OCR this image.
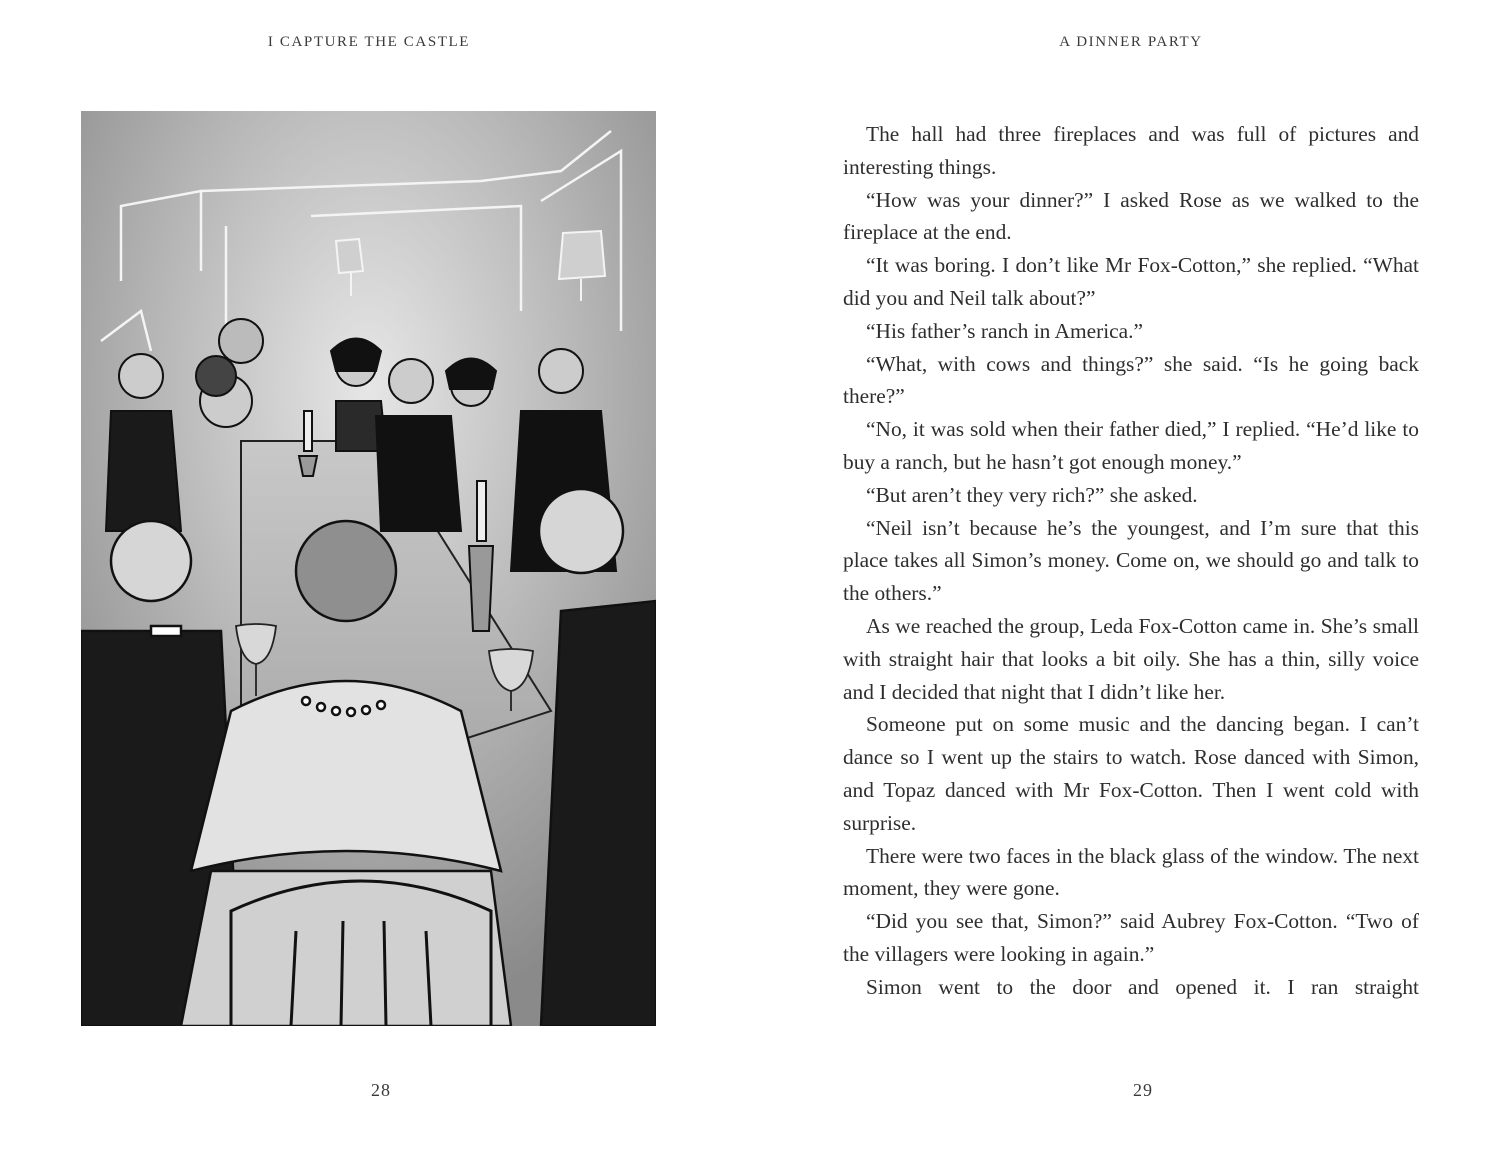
I CAPTURE THE CASTLE
28
A DINNER PARTY

The hall had three fireplaces and was full of pictures and interesting things.

“How was your dinner?” I asked Rose as we walked to the fireplace at the end.

“It was boring. I don’t like Mr Fox-Cotton,” she replied. “What did you and Neil talk about?”

“His father’s ranch in America.”

“What, with cows and things?” she said. “Is he going back there?”

“No, it was sold when their father died,” I replied. “He’d like to buy a ranch, but he hasn’t got enough money.”

“But aren’t they very rich?” she asked.

“Neil isn’t because he’s the youngest, and I’m sure that this place takes all Simon’s money. Come on, we should go and talk to the others.”

As we reached the group, Leda Fox-Cotton came in. She’s small with straight hair that looks a bit oily. She has a thin, silly voice and I decided that night that I didn’t like her.

Someone put on some music and the dancing began. I can’t dance so I went up the stairs to watch. Rose danced with Simon, and Topaz danced with Mr Fox-Cotton. Then I went cold with surprise.

There were two faces in the black glass of the window. The next moment, they were gone.

“Did you see that, Simon?” said Aubrey Fox-Cotton. “Two of the villagers were looking in again.”

Simon went to the door and opened it. I ran straight

29
